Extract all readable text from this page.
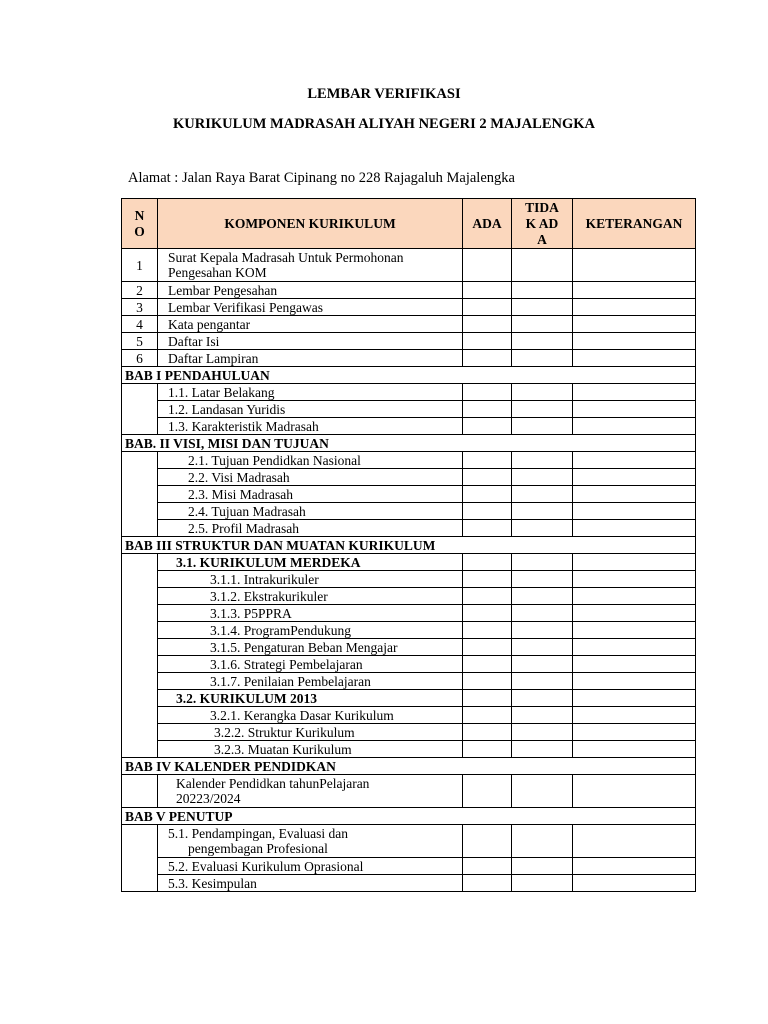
LEMBAR VERIFIKASI
KURIKULUM MADRASAH ALIYAH NEGERI 2 MAJALENGKA
Alamat : Jalan Raya Barat Cipinang no 228 Rajagaluh Majalengka
NO	KOMPONEN KURIKULUM	ADA	TIDAK ADA	KETERANGAN
1	Surat Kepala Madrasah Untuk Permohonan
Pengesahan KOM			

2	Lembar Pengesahan			
3	Lembar Verifikasi Pengawas			
4	Kata pengantar			
5	Daftar Isi			
6	Daftar Lampiran			
BAB I PENDAHULUAN				
	1.1. Latar Belakang			
	1.2. Landasan Yuridis			
	1.3. Karakteristik Madrasah			
BAB. II VISI, MISI DAN TUJUAN				
	2.1. Tujuan Pendidkan Nasional			
	2.2. Visi Madrasah			
	2.3. Misi Madrasah			
	2.4. Tujuan Madrasah			
	2.5. Profil Madrasah			
BAB III STRUKTUR DAN MUATAN KURIKULUM				
	3.1. KURIKULUM MERDEKA			
	3.1.1. Intrakurikuler			
	3.1.2. Ekstrakurikuler			
	3.1.3. P5PPRA			
	3.1.4. ProgramPendukung			
	3.1.5. Pengaturan Beban Mengajar			
	3.1.6. Strategi Pembelajaran			
	3.1.7. Penilaian Pembelajaran			
	3.2. KURIKULUM 2013			
	3.2.1. Kerangka Dasar Kurikulum			
	3.2.2. Struktur Kurikulum			
	3.2.3. Muatan Kurikulum			
BAB IV KALENDER PENDIDKAN				

	Kalender Pendidkan tahunPelajaran
20223/2024			

BAB V PENUTUP				

	5.1. Pendampingan, Evaluasi dan
pengembagan Profesional			

	5.2. Evaluasi Kurikulum Oprasional			
	5.3. Kesimpulan			
